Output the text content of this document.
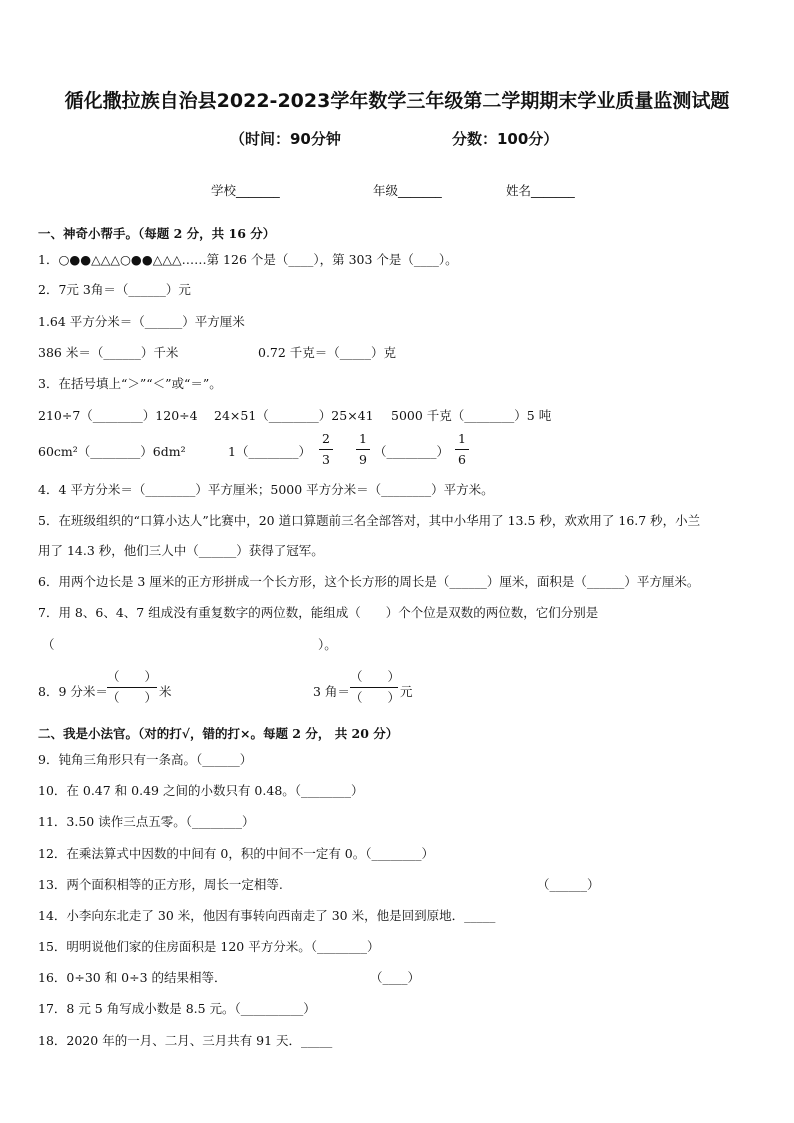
循化撒拉族自治县2022-2023学年数学三年级第二学期期末学业质量监测试题
（时间：90分钟	分数：100分）
学校_______	年级_______	姓名_______
一、神奇小帮手。（每题 2 分，共 16 分）
1．○●●△△△○●●△△△……第 126 个是（____），第 303 个是（____）。
2．7元 3角＝（______）元
1.64 平方分米＝（______）平方厘米
386 米＝（______）千米	0.72 千克＝（_____）克
3．在括号填上“＞”“＜”或“＝”。
210÷7（________）120÷4 24×51（________）25×41 5000 千克（________）5 吨
60cm²（________）6dm²	1（________）
2
3
1
9
（________）
1
6
4．4 平方分米＝（________）平方厘米；5000 平方分米＝（________）平方米。
5．在班级组织的“口算小达人”比赛中，20 道口算题前三名全部答对，其中小华用了 13.5 秒，欢欢用了 16.7 秒，小兰
用了 14.3 秒，他们三人中（______）获得了冠军。
6．用两个边长是 3 厘米的正方形拼成一个长方形，这个长方形的周长是（______）厘米，面积是（______）平方厘米。
7．用 8、6、4、7 组成没有重复数字的两位数，能组成（　　）个个位是双数的两位数，它们分别是
（	）。
8．9 分米＝
（　　）
（　　） 米	3 角＝
（　　）
（　　） 元
二、我是小法官。（对的打√，错的打×。每题 2 分， 共 20 分）
9．钝角三角形只有一条高。（______）
10．在 0.47 和 0.49 之间的小数只有 0.48。（________）
11．3.50 读作三点五零。（________）
12．在乘法算式中因数的中间有 0，积的中间不一定有 0。（________）
13．两个面积相等的正方形，周长一定相等.	（______）
14．小李向东北走了 30 米，他因有事转向西南走了 30 米，他是回到原地．_____
15．明明说他们家的住房面积是 120 平方分米。（________）
16．0÷30 和 0÷3 的结果相等．	（____）
17．8 元 5 角写成小数是 8.5 元。（__________）
18．2020 年的一月、二月、三月共有 91 天．_____
